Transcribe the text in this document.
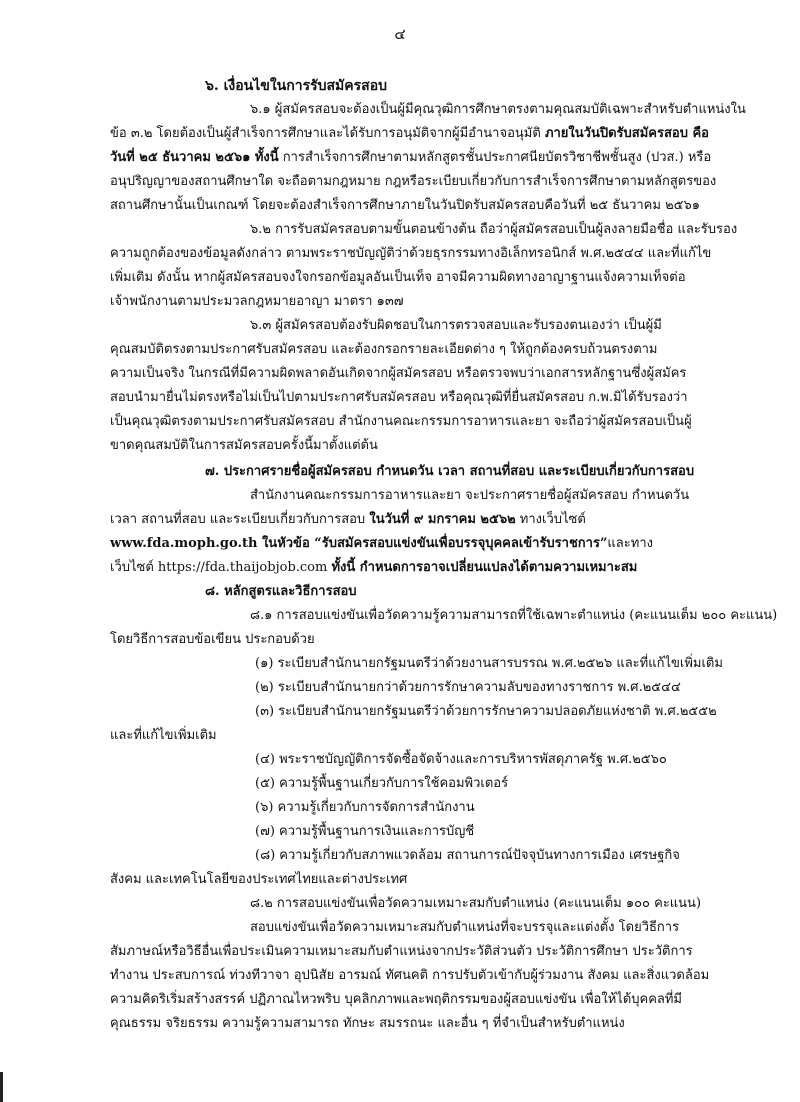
๔
๖. เงื่อนไขในการรับสมัครสอบ
๖.๑ ผู้สมัครสอบจะต้องเป็นผู้มีคุณวุฒิการศึกษาตรงตามคุณสมบัติเฉพาะสำหรับตำแหน่งใน
ข้อ ๓.๒ โดยต้องเป็นผู้สำเร็จการศึกษาและได้รับการอนุมัติจากผู้มีอำนาจอนุมัติ ภายในวันปิดรับสมัครสอบ คือ
วันที่ ๒๕ ธันวาคม ๒๕๖๑ ทั้งนี้ การสำเร็จการศึกษาตามหลักสูตรชั้นประกาศนียบัตรวิชาชีพชั้นสูง (ปวส.) หรือ
อนุปริญญาของสถานศึกษาใด จะถือตามกฎหมาย กฎหรือระเบียบเกี่ยวกับการสำเร็จการศึกษาตามหลักสูตรของ
สถานศึกษานั้นเป็นเกณฑ์ โดยจะต้องสำเร็จการศึกษาภายในวันปิดรับสมัครสอบคือวันที่ ๒๕ ธันวาคม ๒๕๖๑
๖.๒ การรับสมัครสอบตามขั้นตอนข้างต้น ถือว่าผู้สมัครสอบเป็นผู้ลงลายมือชื่อ และรับรอง
ความถูกต้องของข้อมูลดังกล่าว ตามพระราชบัญญัติว่าด้วยธุรกรรมทางอิเล็กทรอนิกส์ พ.ศ.๒๕๔๔ และที่แก้ไข
เพิ่มเติม ดังนั้น หากผู้สมัครสอบจงใจกรอกข้อมูลอันเป็นเท็จ อาจมีความผิดทางอาญาฐานแจ้งความเท็จต่อ
เจ้าพนักงานตามประมวลกฎหมายอาญา มาตรา ๑๓๗
๖.๓ ผู้สมัครสอบต้องรับผิดชอบในการตรวจสอบและรับรองตนเองว่า เป็นผู้มี
คุณสมบัติตรงตามประกาศรับสมัครสอบ และต้องกรอกรายละเอียดต่าง ๆ ให้ถูกต้องครบถ้วนตรงตาม
ความเป็นจริง ในกรณีที่มีความผิดพลาดอันเกิดจากผู้สมัครสอบ หรือตรวจพบว่าเอกสารหลักฐานซึ่งผู้สมัคร
สอบนำมายื่นไม่ตรงหรือไม่เป็นไปตามประกาศรับสมัครสอบ หรือคุณวุฒิที่ยื่นสมัครสอบ ก.พ.มิได้รับรองว่า
เป็นคุณวุฒิตรงตามประกาศรับสมัครสอบ สำนักงานคณะกรรมการอาหารและยา จะถือว่าผู้สมัครสอบเป็นผู้
ขาดคุณสมบัติในการสมัครสอบครั้งนี้มาตั้งแต่ต้น
๗. ประกาศรายชื่อผู้สมัครสอบ กำหนดวัน เวลา สถานที่สอบ และระเบียบเกี่ยวกับการสอบ
สำนักงานคณะกรรมการอาหารและยา จะประกาศรายชื่อผู้สมัครสอบ กำหนดวัน
เวลา สถานที่สอบ และระเบียบเกี่ยวกับการสอบ ในวันที่ ๙ มกราคม ๒๕๖๒ ทางเว็บไซต์
www.fda.moph.go.th ในหัวข้อ “รับสมัครสอบแข่งขันเพื่อบรรจุบุคคลเข้ารับราชการ”และทาง
เว็บไซต์ https://fda.thaijobjob.com ทั้งนี้ กำหนดการอาจเปลี่ยนแปลงได้ตามความเหมาะสม
๘. หลักสูตรและวิธีการสอบ
๘.๑ การสอบแข่งขันเพื่อวัดความรู้ความสามารถที่ใช้เฉพาะตำแหน่ง (คะแนนเต็ม ๒๐๐ คะแนน)
โดยวิธีการสอบข้อเขียน ประกอบด้วย
(๑) ระเบียบสำนักนายกรัฐมนตรีว่าด้วยงานสารบรรณ พ.ศ.๒๕๒๖ และที่แก้ไขเพิ่มเติม
(๒) ระเบียบสำนักนายกว่าด้วยการรักษาความลับของทางราชการ พ.ศ.๒๕๔๔
(๓) ระเบียบสำนักนายกรัฐมนตรีว่าด้วยการรักษาความปลอดภัยแห่งชาติ พ.ศ.๒๕๕๒
และที่แก้ไขเพิ่มเติม
(๔) พระราชบัญญัติการจัดซื้อจัดจ้างและการบริหารพัสดุภาครัฐ พ.ศ.๒๕๖๐
(๕) ความรู้พื้นฐานเกี่ยวกับการใช้คอมพิวเตอร์
(๖) ความรู้เกี่ยวกับการจัดการสำนักงาน
(๗) ความรู้พื้นฐานการเงินและการบัญชี
(๘) ความรู้เกี่ยวกับสภาพแวดล้อม สถานการณ์ปัจจุบันทางการเมือง เศรษฐกิจ
สังคม และเทคโนโลยีของประเทศไทยและต่างประเทศ
๘.๒ การสอบแข่งขันเพื่อวัดความเหมาะสมกับตำแหน่ง (คะแนนเต็ม ๑๐๐ คะแนน)
สอบแข่งขันเพื่อวัดความเหมาะสมกับตำแหน่งที่จะบรรจุและแต่งตั้ง โดยวิธีการ
สัมภาษณ์หรือวิธีอื่นเพื่อประเมินความเหมาะสมกับตำแหน่งจากประวัติส่วนตัว ประวัติการศึกษา ประวัติการ
ทำงาน ประสบการณ์ ท่วงทีวาจา อุปนิสัย อารมณ์ ทัศนคติ การปรับตัวเข้ากับผู้ร่วมงาน สังคม และสิ่งแวดล้อม
ความคิดริเริ่มสร้างสรรค์ ปฏิภาณไหวพริบ บุคลิกภาพและพฤติกรรมของผู้สอบแข่งขัน เพื่อให้ได้บุคคลที่มี
คุณธรรม จริยธรรม ความรู้ความสามารถ ทักษะ สมรรถนะ และอื่น ๆ ที่จำเป็นสำหรับตำแหน่ง
